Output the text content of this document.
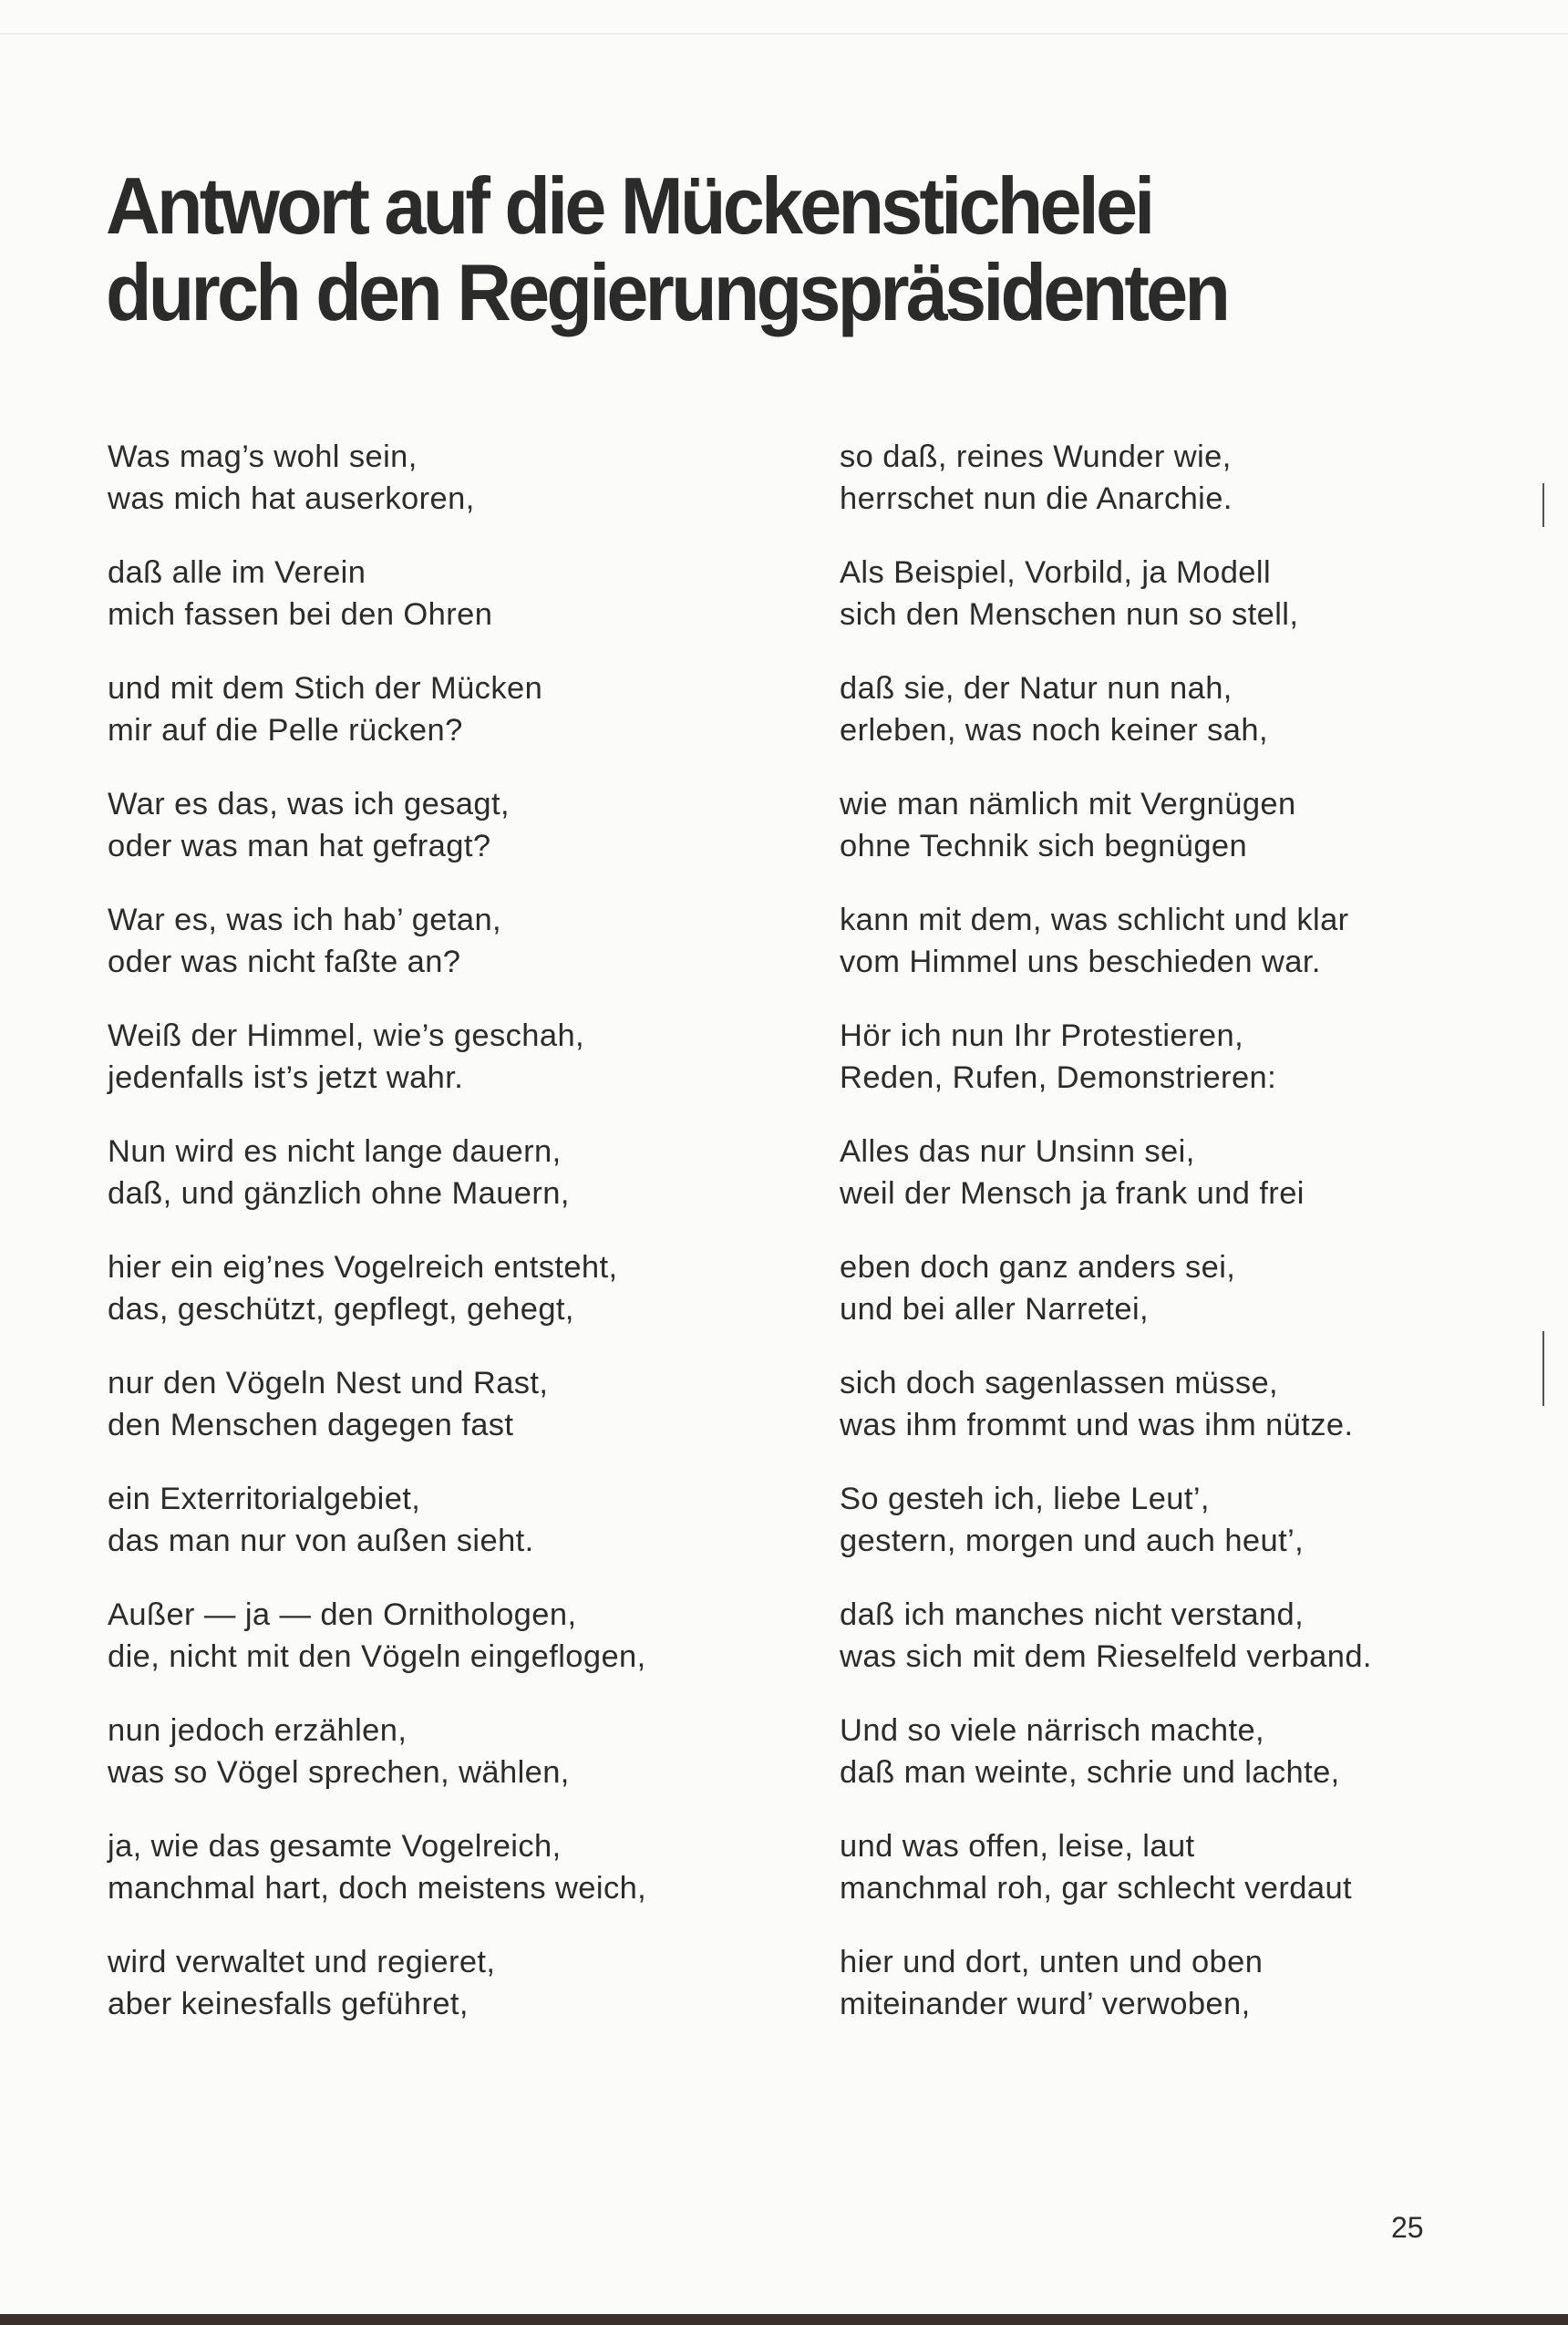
Antwort auf die Mückenstichelei
durch den Regierungspräsidenten
Was mag’s wohl sein,
was mich hat auserkoren,
daß alle im Verein
mich fassen bei den Ohren
und mit dem Stich der Mücken
mir auf die Pelle rücken?
War es das, was ich gesagt,
oder was man hat gefragt?
War es, was ich hab’ getan,
oder was nicht faßte an?
Weiß der Himmel, wie’s geschah,
jedenfalls ist’s jetzt wahr.
Nun wird es nicht lange dauern,
daß, und gänzlich ohne Mauern,
hier ein eig’nes Vogelreich entsteht,
das, geschützt, gepflegt, gehegt,
nur den Vögeln Nest und Rast,
den Menschen dagegen fast
ein Exterritorialgebiet,
das man nur von außen sieht.
Außer — ja — den Ornithologen,
die, nicht mit den Vögeln eingeflogen,
nun jedoch erzählen,
was so Vögel sprechen, wählen,
ja, wie das gesamte Vogelreich,
manchmal hart, doch meistens weich,
wird verwaltet und regieret,
aber keinesfalls geführet,
so daß, reines Wunder wie,
herrschet nun die Anarchie.
Als Beispiel, Vorbild, ja Modell
sich den Menschen nun so stell,
daß sie, der Natur nun nah,
erleben, was noch keiner sah,
wie man nämlich mit Vergnügen
ohne Technik sich begnügen
kann mit dem, was schlicht und klar
vom Himmel uns beschieden war.
Hör ich nun Ihr Protestieren,
Reden, Rufen, Demonstrieren:
Alles das nur Unsinn sei,
weil der Mensch ja frank und frei
eben doch ganz anders sei,
und bei aller Narretei,
sich doch sagenlassen müsse,
was ihm frommt und was ihm nütze.
So gesteh ich, liebe Leut’,
gestern, morgen und auch heut’,
daß ich manches nicht verstand,
was sich mit dem Rieselfeld verband.
Und so viele närrisch machte,
daß man weinte, schrie und lachte,
und was offen, leise, laut
manchmal roh, gar schlecht verdaut
hier und dort, unten und oben
miteinander wurd’ verwoben,
25
